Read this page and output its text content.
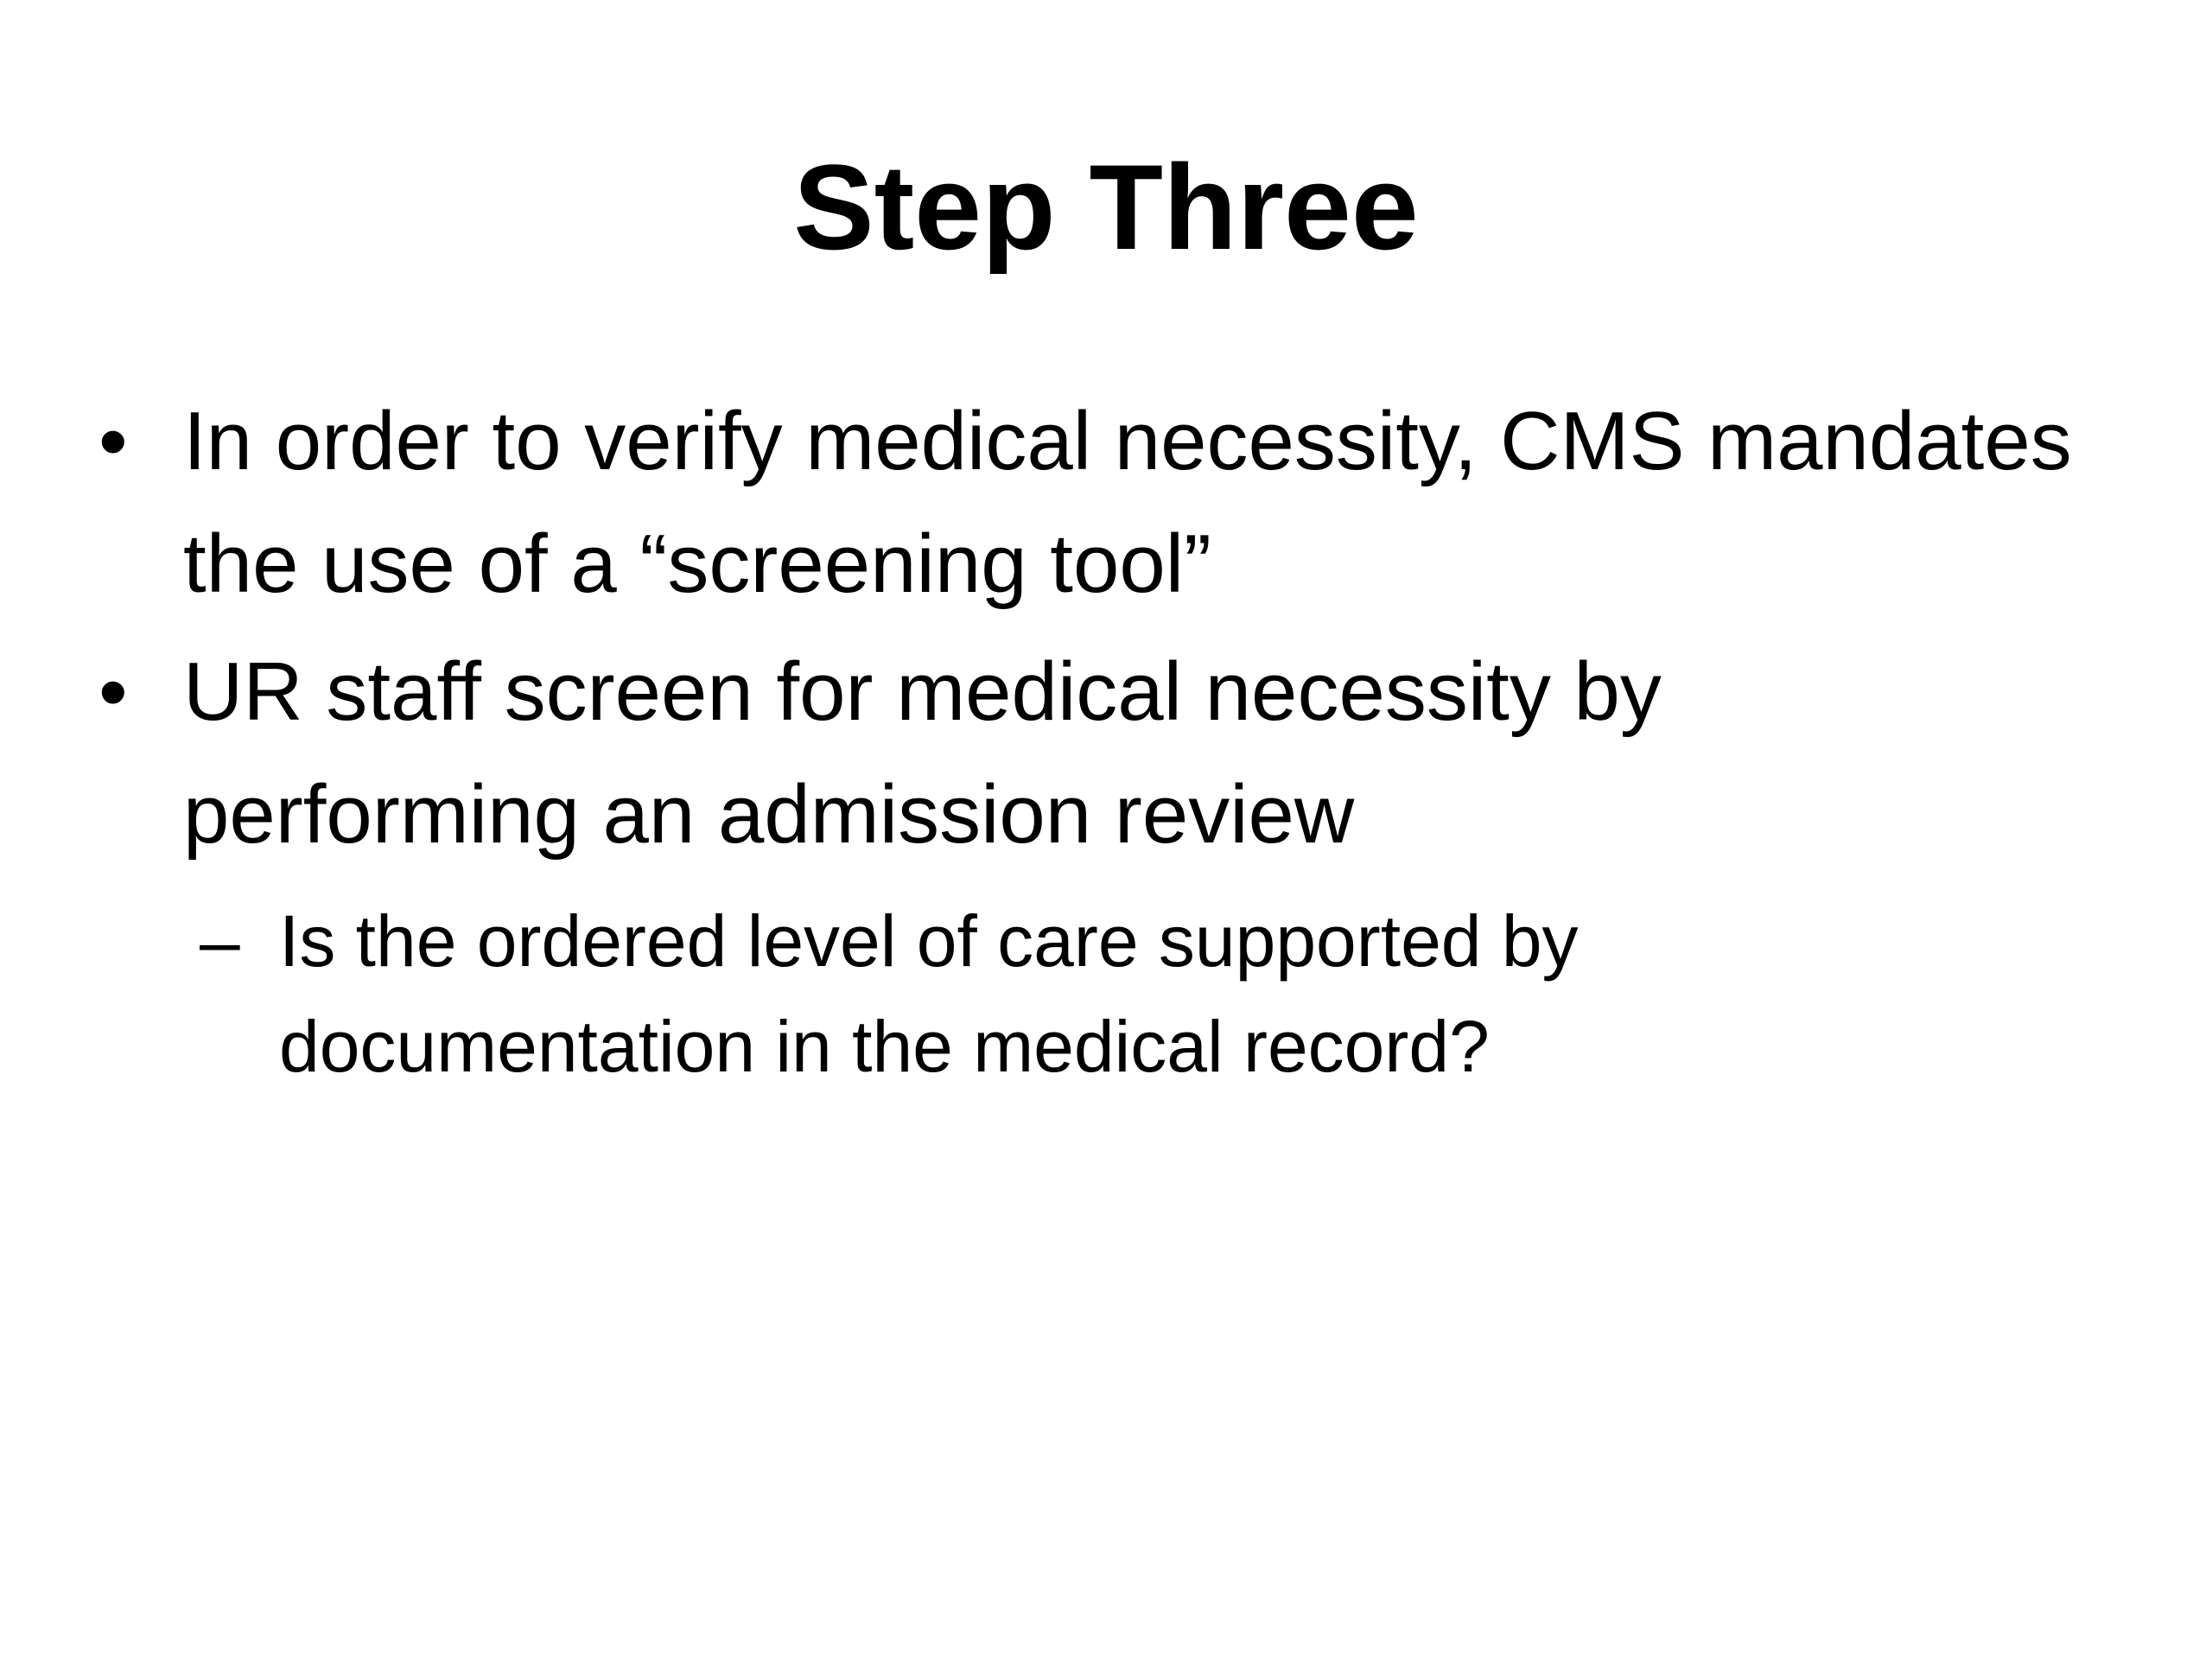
Step Three
• In order to verify medical necessity, CMS mandates the use of a “screening tool”
• UR staff screen for medical necessity by performing an admission review
– Is the ordered level of care supported by documentation in the medical record?
